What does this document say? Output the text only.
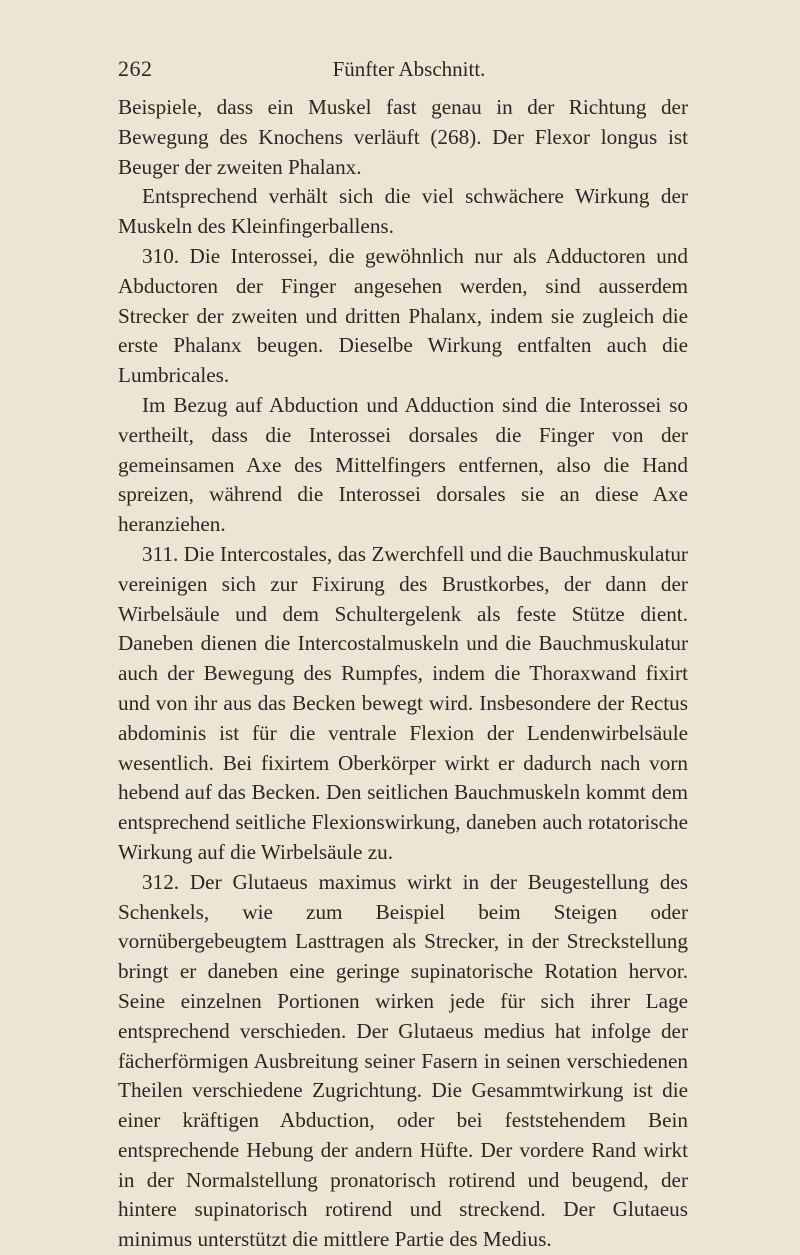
262	Fünfter Abschnitt.

Beispiele, dass ein Muskel fast genau in der Richtung der Bewegung des Knochens verläuft (268). Der Flexor longus ist Beuger der zweiten Phalanx.

Entsprechend verhält sich die viel schwächere Wirkung der Muskeln des Kleinfingerballens.

310. Die Interossei, die gewöhnlich nur als Adductoren und Abductoren der Finger angesehen werden, sind ausserdem Strecker der zweiten und dritten Phalanx, indem sie zugleich die erste Phalanx beugen. Dieselbe Wirkung entfalten auch die Lumbricales.

Im Bezug auf Abduction und Adduction sind die Interossei so vertheilt, dass die Interossei dorsales die Finger von der gemeinsamen Axe des Mittelfingers entfernen, also die Hand spreizen, während die Interossei dorsales sie an diese Axe heranziehen.

311. Die Intercostales, das Zwerchfell und die Bauchmuskulatur vereinigen sich zur Fixirung des Brustkorbes, der dann der Wirbelsäule und dem Schultergelenk als feste Stütze dient. Daneben dienen die Intercostalmuskeln und die Bauchmuskulatur auch der Bewegung des Rumpfes, indem die Thoraxwand fixirt und von ihr aus das Becken bewegt wird. Insbesondere der Rectus abdominis ist für die ventrale Flexion der Lendenwirbelsäule wesentlich. Bei fixirtem Oberkörper wirkt er dadurch nach vorn hebend auf das Becken. Den seitlichen Bauchmuskeln kommt dem entsprechend seitliche Flexionswirkung, daneben auch rotatorische Wirkung auf die Wirbelsäule zu.

312. Der Glutaeus maximus wirkt in der Beugestellung des Schenkels, wie zum Beispiel beim Steigen oder vornübergebeugtem Lasttragen als Strecker, in der Streckstellung bringt er daneben eine geringe supinatorische Rotation hervor. Seine einzelnen Portionen wirken jede für sich ihrer Lage entsprechend verschieden. Der Glutaeus medius hat infolge der fächerförmigen Ausbreitung seiner Fasern in seinen verschiedenen Theilen verschiedene Zugrichtung. Die Gesammtwirkung ist die einer kräftigen Abduction, oder bei feststehendem Bein entsprechende Hebung der andern Hüfte. Der vordere Rand wirkt in der Normalstellung pronatorisch rotirend und beugend, der hintere supinatorisch rotirend und streckend. Der Glutaeus minimus unterstützt die mittlere Partie des Medius.
